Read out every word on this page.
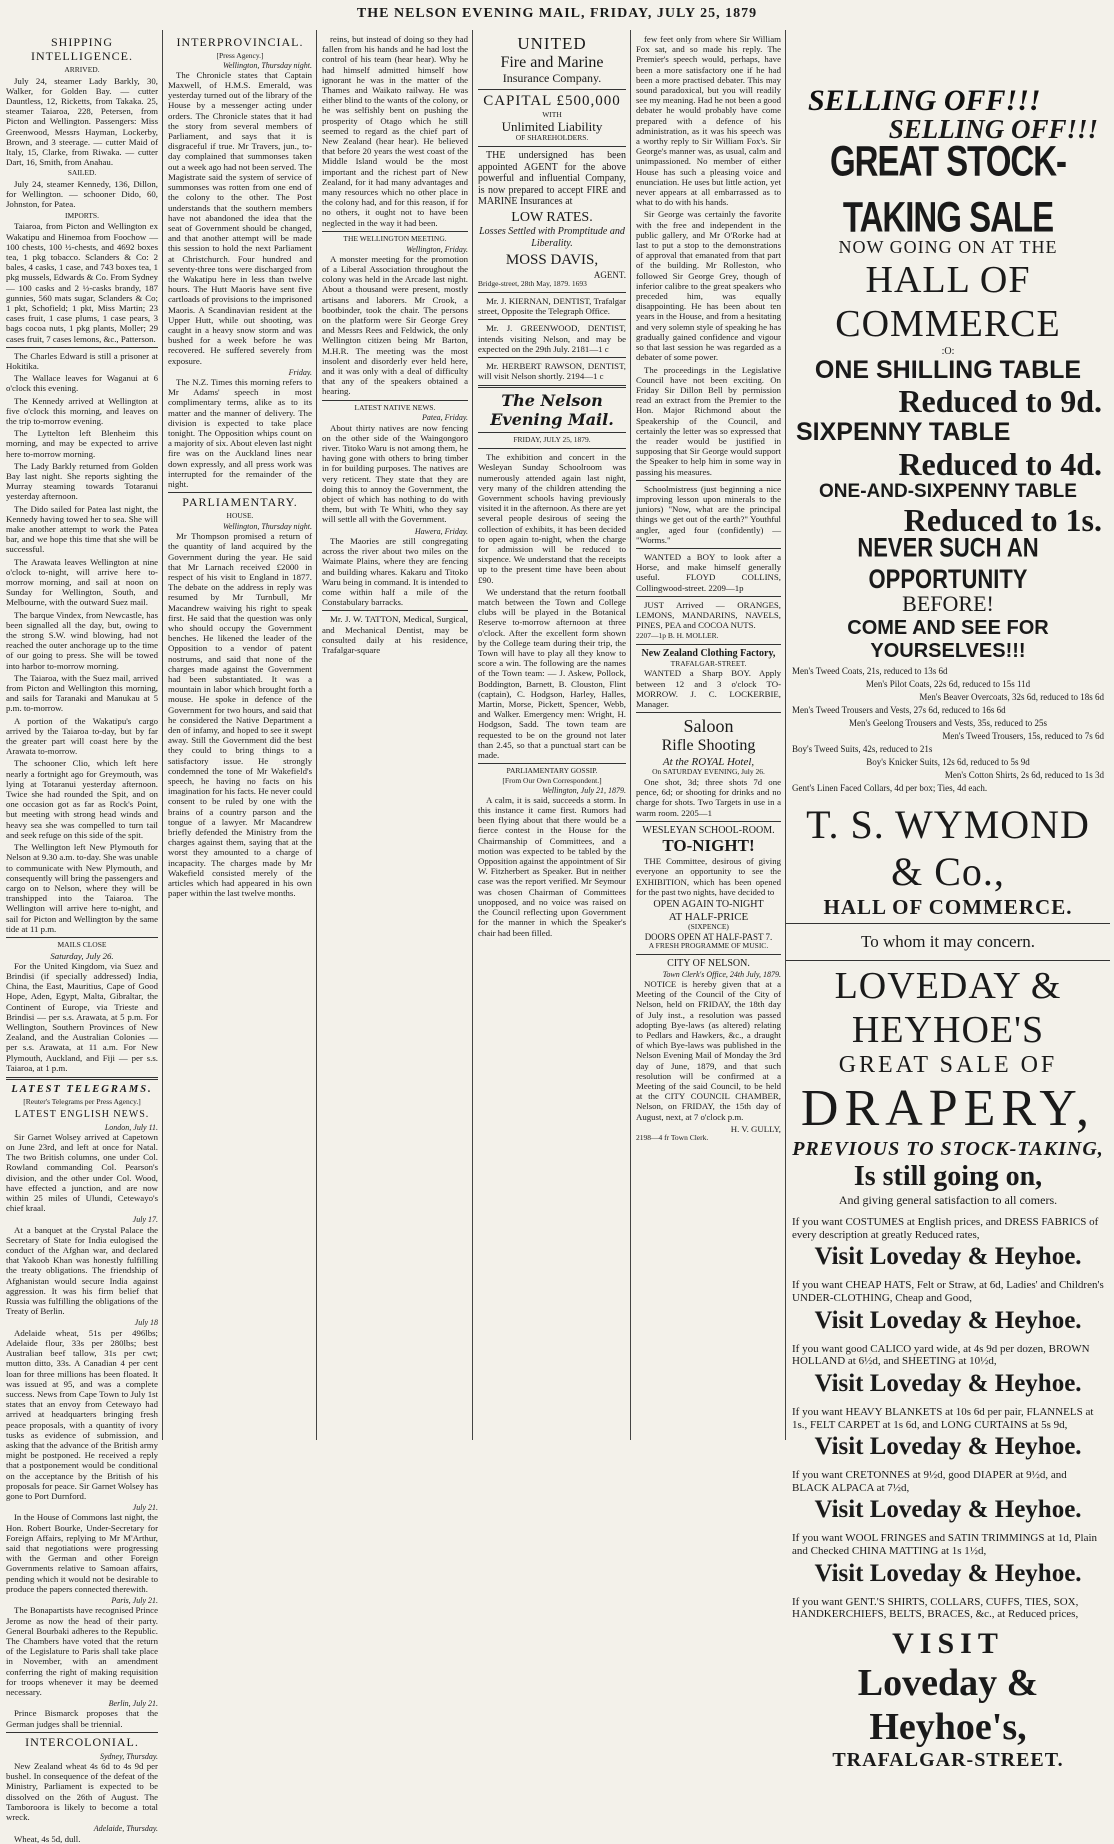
THE NELSON EVENING MAIL, FRIDAY, JULY 25, 1879
SHIPPING INTELLIGENCE.
ARRIVED.

July 24, steamer Lady Barkly, 30, Walker, for Golden Bay. — cutter Dauntless, 12, Ricketts, from Takaka. 25, steamer Taiaroa, 228, Petersen, from Picton and Wellington. Passengers: Miss Greenwood, Messrs Hayman, Lockerby, Brown, and 3 steerage. — cutter Maid of Italy, 15, Clarke, from Riwaka. — cutter Dart, 16, Smith, from Anahau.

SAILED.

July 24, steamer Kennedy, 136, Dillon, for Wellington. — schooner Dido, 60, Johnston, for Patea.

IMPORTS.

Taiaroa, from Picton and Wellington ex Wakatipu and Hinemoa from Foochow — 100 chests, 100 ½-chests, and 4692 boxes tea, 1 pkg tobacco. Sclanders & Co: 2 bales, 4 casks, 1 case, and 743 boxes tea, 1 pkg mussels, Edwards & Co. From Sydney — 100 casks and 2 ½-casks brandy, 187 gunnies, 560 mats sugar, Sclanders & Co; 1 pkt, Schofield; 1 pkt, Miss Martin; 23 cases fruit, 1 case plums, 1 case pears, 3 bags cocoa nuts, 1 pkg plants, Moller; 29 cases fruit, 7 cases lemons, &c., Patterson.

The Charles Edward is still a prisoner at Hokitika.

The Wallace leaves for Waganui at 6 o'clock this evening.

The Kennedy arrived at Wellington at five o'clock this morning, and leaves on the trip to-morrow evening.

The Lyttelton left Blenheim this morning, and may be expected to arrive here to-morrow morning.

The Lady Barkly returned from Golden Bay last night. She reports sighting the Murray steaming towards Totaranui yesterday afternoon.

The Dido sailed for Patea last night, the Kennedy having towed her to sea. She will make another attempt to work the Patea bar, and we hope this time that she will be successful.

The Arawata leaves Wellington at nine o'clock to-night, will arrive here to-morrow morning, and sail at noon on Sunday for Wellington, South, and Melbourne, with the outward Suez mail.

The barque Vindex, from Newcastle, has been signalled all the day, but, owing to the strong S.W. wind blowing, had not reached the outer anchorage up to the time of our going to press. She will be towed into harbor to-morrow morning.

The Taiaroa, with the Suez mail, arrived from Picton and Wellington this morning, and sails for Taranaki and Manukau at 5 p.m. to-morrow.

A portion of the Wakatipu's cargo arrived by the Taiaroa to-day, but by far the greater part will coast here by the Arawata to-morrow.

The schooner Clio, which left here nearly a fortnight ago for Greymouth, was lying at Totaranui yesterday afternoon. Twice she had rounded the Spit, and on one occasion got as far as Rock's Point, but meeting with strong head winds and heavy sea she was compelled to turn tail and seek refuge on this side of the spit.

The Wellington left New Plymouth for Nelson at 9.30 a.m. to-day. She was unable to communicate with New Plymouth, and consequently will bring the passengers and cargo on to Nelson, where they will be transhipped into the Taiaroa. The Wellington will arrive here to-night, and sail for Picton and Wellington by the same tide at 11 p.m.

MAILS CLOSE
Saturday, July 26.

For the United Kingdom, via Suez and Brindisi (if specially addressed) India, China, the East, Mauritius, Cape of Good Hope, Aden, Egypt, Malta, Gibraltar, the Continent of Europe, via Trieste and Brindisi — per s.s. Arawata, at 5 p.m. For Wellington, Southern Provinces of New Zealand, and the Australian Colonies — per s.s. Arawata, at 11 a.m. For New Plymouth, Auckland, and Fiji — per s.s. Taiaroa, at 1 p.m.

LATEST TELEGRAMS.
[Reuter's Telegrams per Press Agency.]
LATEST ENGLISH NEWS.
London, July 11.

Sir Garnet Wolsey arrived at Capetown on June 23rd, and left at once for Natal. The two British columns, one under Col. Rowland commanding Col. Pearson's division, and the other under Col. Wood, have effected a junction, and are now within 25 miles of Ulundi, Cetewayo's chief kraal.

July 17.

At a banquet at the Crystal Palace the Secretary of State for India eulogised the conduct of the Afghan war, and declared that Yakoob Khan was honestly fulfilling the treaty obligations. The friendship of Afghanistan would secure India against aggression. It was his firm belief that Russia was fulfilling the obligations of the Treaty of Berlin.

July 18

Adelaide wheat, 51s per 496lbs; Adelaide flour, 33s per 280lbs; best Australian beef tallow, 31s per cwt; mutton ditto, 33s. A Canadian 4 per cent loan for three millions has been floated. It was issued at 95, and was a complete success. News from Cape Town to July 1st states that an envoy from Cetewayo had arrived at headquarters bringing fresh peace proposals, with a quantity of ivory tusks as evidence of submission, and asking that the advance of the British army might be postponed. He received a reply that a postponement would be conditional on the acceptance by the British of his proposals for peace. Sir Garnet Wolsey has gone to Port Durnford.

July 21.

In the House of Commons last night, the Hon. Robert Bourke, Under-Secretary for Foreign Affairs, replying to Mr M'Arthur, said that negotiations were progressing with the German and other Foreign Governments relative to Samoan affairs, pending which it would not be desirable to produce the papers connected therewith.

Paris, July 21.

The Bonapartists have recognised Prince Jerome as now the head of their party. General Bourbaki adheres to the Republic. The Chambers have voted that the return of the Legislature to Paris shall take place in November, with an amendment conferring the right of making requisition for troops whenever it may be deemed necessary.

Berlin, July 21.

Prince Bismarck proposes that the German judges shall be triennial.

INTERCOLONIAL.
Sydney, Thursday.

New Zealand wheat 4s 6d to 4s 9d per bushel. In consequence of the defeat of the Ministry, Parliament is expected to be dissolved on the 26th of August. The Tamboroora is likely to become a total wreck.

Adelaide, Thursday.

Wheat, 4s 5d, dull.

INTERPROVINCIAL.
[Press Agency.]
Wellington, Thursday night.

The Chronicle states that Captain Maxwell, of H.M.S. Emerald, was yesterday turned out of the library of the House by a messenger acting under orders. The Chronicle states that it had the story from several members of Parliament, and says that it is disgraceful if true. Mr Travers, jun., to-day complained that summonses taken out a week ago had not been served. The Magistrate said the system of service of summonses was rotten from one end of the colony to the other. The Post understands that the southern members have not abandoned the idea that the seat of Government should be changed, and that another attempt will be made this session to hold the next Parliament at Christchurch. Four hundred and seventy-three tons were discharged from the Wakatipu here in less than twelve hours. The Hutt Maoris have sent five cartloads of provisions to the imprisoned Maoris. A Scandinavian resident at the Upper Hutt, while out shooting, was caught in a heavy snow storm and was bushed for a week before he was recovered. He suffered severely from exposure.

Friday.

The N.Z. Times this morning refers to Mr Adams' speech in most complimentary terms, alike as to its matter and the manner of delivery. The division is expected to take place tonight. The Opposition whips count on a majority of six. About eleven last night fire was on the Auckland lines near down expressly, and all press work was interrupted for the remainder of the night.

PARLIAMENTARY.
HOUSE.
Wellington, Thursday night.

Mr Thompson promised a return of the quantity of land acquired by the Government during the year. He said that Mr Larnach received £2000 in respect of his visit to England in 1877. The debate on the address in reply was resumed by Mr Turnbull, Mr Macandrew waiving his right to speak first. He said that the question was only who should occupy the Government benches. He likened the leader of the Opposition to a vendor of patent nostrums, and said that none of the charges made against the Government had been substantiated. It was a mountain in labor which brought forth a mouse. He spoke in defence of the Government for two hours, and said that he considered the Native Department a den of infamy, and hoped to see it swept away. Still the Government did the best they could to bring things to a satisfactory issue. He strongly condemned the tone of Mr Wakefield's speech, he having no facts on his imagination for his facts. He never could consent to be ruled by one with the brains of a country parson and the tongue of a lawyer. Mr Macandrew briefly defended the Ministry from the charges against them, saying that at the worst they amounted to a charge of incapacity. The charges made by Mr Wakefield consisted merely of the articles which had appeared in his own paper within the last twelve months.

reins, but instead of doing so they had fallen from his hands and he had lost the control of his team (hear hear). Why he had himself admitted himself how ignorant he was in the matter of the Thames and Waikato railway. He was either blind to the wants of the colony, or he was selfishly bent on pushing the prosperity of Otago which he still seemed to regard as the chief part of New Zealand (hear hear). He believed that before 20 years the west coast of the Middle Island would be the most important and the richest part of New Zealand, for it had many advantages and many resources which no other place in the colony had, and for this reason, if for no others, it ought not to have been neglected in the way it had been.

THE WELLINGTON MEETING.
Wellington, Friday.

A monster meeting for the promotion of a Liberal Association throughout the colony was held in the Arcade last night. About a thousand were present, mostly artisans and laborers. Mr Crook, a bootbinder, took the chair. The persons on the platform were Sir George Grey and Messrs Rees and Feldwick, the only Wellington citizen being Mr Barton, M.H.R. The meeting was the most insolent and disorderly ever held here, and it was only with a deal of difficulty that any of the speakers obtained a hearing.

LATEST NATIVE NEWS.
Patea, Friday.

About thirty natives are now fencing on the other side of the Waingongoro river. Titoko Waru is not among them, he having gone with others to bring timber in for building purposes. The natives are very reticent. They state that they are doing this to annoy the Government, the object of which has nothing to do with them, but with Te Whiti, who they say will settle all with the Government.

Hawera, Friday.

The Maories are still congregating across the river about two miles on the Waimate Plains, where they are fencing and building whares. Kakaru and Titoko Waru being in command. It is intended to come within half a mile of the Constabulary barracks.

Mr. J. W. TATTON, Medical, Surgical, and Mechanical Dentist, may be consulted daily at his residence, Trafalgar-square

UNITED
Fire and Marine
Insurance Company.
CAPITAL £500,000
WITH
Unlimited Liability
OF SHAREHOLDERS.

THE undersigned has been appointed AGENT for the above powerful and influential Company, is now prepared to accept FIRE and MARINE Insurances at

LOW RATES.
Losses Settled with Promptitude and Liberality.
MOSS DAVIS,
AGENT.
Bridge-street, 28th May, 1879. 1693

Mr. J. KIERNAN, DENTIST, Trafalgar street, Opposite the Telegraph Office.

Mr. J. GREENWOOD, DENTIST, intends visiting Nelson, and may be expected on the 29th July. 2181—1 c

Mr. HERBERT RAWSON, DENTIST, will visit Nelson shortly. 2194—1 c

The Nelson Evening Mail.
FRIDAY, JULY 25, 1879.

The exhibition and concert in the Wesleyan Sunday Schoolroom was numerously attended again last night, very many of the children attending the Government schools having previously visited it in the afternoon. As there are yet several people desirous of seeing the collection of exhibits, it has been decided to open again to-night, when the charge for admission will be reduced to sixpence. We understand that the receipts up to the present time have been about £90.

We understand that the return football match between the Town and College clubs will be played in the Botanical Reserve to-morrow afternoon at three o'clock. After the excellent form shown by the College team during their trip, the Town will have to play all they know to score a win. The following are the names of the Town team: — J. Askew, Pollock, Boddington, Barnett, B. Clouston, Flint (captain), C. Hodgson, Harley, Halles, Martin, Morse, Pickett, Spencer, Webb, and Walker. Emergency men: Wright, H. Hodgson, Sadd. The town team are requested to be on the ground not later than 2.45, so that a punctual start can be made.

PARLIAMENTARY GOSSIP.
[From Our Own Correspondent.]
Wellington, July 21, 1879.

A calm, it is said, succeeds a storm. In this instance it came first. Rumors had been flying about that there would be a fierce contest in the House for the Chairmanship of Committees, and a motion was expected to be tabled by the Opposition against the appointment of Sir W. Fitzherbert as Speaker. But in neither case was the report verified. Mr Seymour was chosen Chairman of Committees unopposed, and no voice was raised on the Council reflecting upon Government for the manner in which the Speaker's chair had been filled.

few feet only from where Sir William Fox sat, and so made his reply. The Premier's speech would, perhaps, have been a more satisfactory one if he had been a more practised debater. This may sound paradoxical, but you will readily see my meaning. Had he not been a good debater he would probably have come prepared with a defence of his administration, as it was his speech was a worthy reply to Sir William Fox's. Sir George's manner was, as usual, calm and unimpassioned. No member of either House has such a pleasing voice and enunciation. He uses but little action, yet never appears at all embarrassed as to what to do with his hands.

Sir George was certainly the favorite with the free and independent in the public gallery, and Mr O'Rorke had at last to put a stop to the demonstrations of approval that emanated from that part of the building. Mr Rolleston, who followed Sir George Grey, though of inferior calibre to the great speakers who preceded him, was equally disappointing. He has been about ten years in the House, and from a hesitating and very solemn style of speaking he has gradually gained confidence and vigour so that last session he was regarded as a debater of some power.

The proceedings in the Legislative Council have not been exciting. On Friday Sir Dillon Bell by permission read an extract from the Premier to the Hon. Major Richmond about the Speakership of the Council, and certainly the letter was so expressed that the reader would be justified in supposing that Sir George would support the Speaker to help him in some way in passing his measures.

Schoolmistress (just beginning a nice improving lesson upon minerals to the juniors) "Now, what are the principal things we get out of the earth?" Youthful angler, aged four (confidently) — "Worms."

WANTED a BOY to look after a Horse, and make himself generally useful. FLOYD COLLINS, Collingwood-street. 2209—1p

JUST Arrived — ORANGES, LEMONS, MANDARINS, NAVELS, PINES, PEA and COCOA NUTS.

2207—1p B. H. MOLLER.
New Zealand Clothing Factory,
TRAFALGAR-STREET.

WANTED a Sharp BOY. Apply between 12 and 3 o'clock TO-MORROW. J. C. LOCKERBIE, Manager.

Saloon
Rifle Shooting
At the ROYAL Hotel,
On SATURDAY EVENING, July 26.

One shot, 3d; three shots 7d one pence, 6d; or shooting for drinks and no charge for shots. Two Targets in use in a warm room. 2205—1

WESLEYAN SCHOOL-ROOM.
TO-NIGHT!

THE Committee, desirous of giving everyone an opportunity to see the EXHIBITION, which has been opened for the past two nights, have decided to

OPEN AGAIN TO-NIGHT
AT HALF-PRICE
(SIXPENCE)
DOORS OPEN AT HALF-PAST 7.
A FRESH PROGRAMME OF MUSIC.
CITY OF NELSON.
Town Clerk's Office, 24th July, 1879.

NOTICE is hereby given that at a Meeting of the Council of the City of Nelson, held on FRIDAY, the 18th day of July inst., a resolution was passed adopting Bye-laws (as altered) relating to Pedlars and Hawkers, &c., a draught of which Bye-laws was published in the Nelson Evening Mail of Monday the 3rd day of June, 1879, and that such resolution will be confirmed at a Meeting of the said Council, to be held at the CITY COUNCIL CHAMBER, Nelson, on FRIDAY, the 15th day of August, next, at 7 o'clock p.m.

H. V. GULLY,
2198—4 fr Town Clerk.
SELLING OFF!!!
SELLING OFF!!!
GREAT STOCK-TAKING SALE
NOW GOING ON AT THE
HALL OF COMMERCE
:O:
ONE SHILLING TABLE
Reduced to 9d.
SIXPENNY TABLE
Reduced to 4d.
ONE-AND-SIXPENNY TABLE
Reduced to 1s.
NEVER SUCH AN OPPORTUNITY
BEFORE!
COME AND SEE FOR YOURSELVES!!!
Men's Tweed Coats, 21s, reduced to 13s 6d
Men's Pilot Coats, 22s 6d, reduced to 15s 11d
Men's Beaver Overcoats, 32s 6d, reduced to 18s 6d
Men's Tweed Trousers and Vests, 27s 6d, reduced to 16s 6d
Men's Geelong Trousers and Vests, 35s, reduced to 25s
Men's Tweed Trousers, 15s, reduced to 7s 6d
Boy's Tweed Suits, 42s, reduced to 21s
Boy's Knicker Suits, 12s 6d, reduced to 5s 9d
Men's Cotton Shirts, 2s 6d, reduced to 1s 3d
Gent's Linen Faced Collars, 4d per box; Ties, 4d each.
T. S. WYMOND & Co.,
HALL OF COMMERCE.
To whom it may concern.
LOVEDAY & HEYHOE'S
GREAT SALE OF
DRAPERY,
PREVIOUS TO STOCK-TAKING,
Is still going on,
And giving general satisfaction to all comers.
If you want COSTUMES at English prices, and DRESS FABRICS of every description at greatly Reduced rates,
Visit Loveday & Heyhoe.
If you want CHEAP HATS, Felt or Straw, at 6d, Ladies' and Children's UNDER-CLOTHING, Cheap and Good,
Visit Loveday & Heyhoe.
If you want good CALICO yard wide, at 4s 9d per dozen, BROWN HOLLAND at 6½d, and SHEETING at 10½d,
Visit Loveday & Heyhoe.
If you want HEAVY BLANKETS at 10s 6d per pair, FLANNELS at 1s., FELT CARPET at 1s 6d, and LONG CURTAINS at 5s 9d,
Visit Loveday & Heyhoe.
If you want CRETONNES at 9½d, good DIAPER at 9½d, and BLACK ALPACA at 7½d,
Visit Loveday & Heyhoe.
If you want WOOL FRINGES and SATIN TRIMMINGS at 1d, Plain and Checked CHINA MATTING at 1s 1½d,
Visit Loveday & Heyhoe.
If you want GENT.'S SHIRTS, COLLARS, CUFFS, TIES, SOX, HANDKERCHIEFS, BELTS, BRACES, &c., at Reduced prices,
VISIT
Loveday & Heyhoe's,
TRAFALGAR-STREET.
